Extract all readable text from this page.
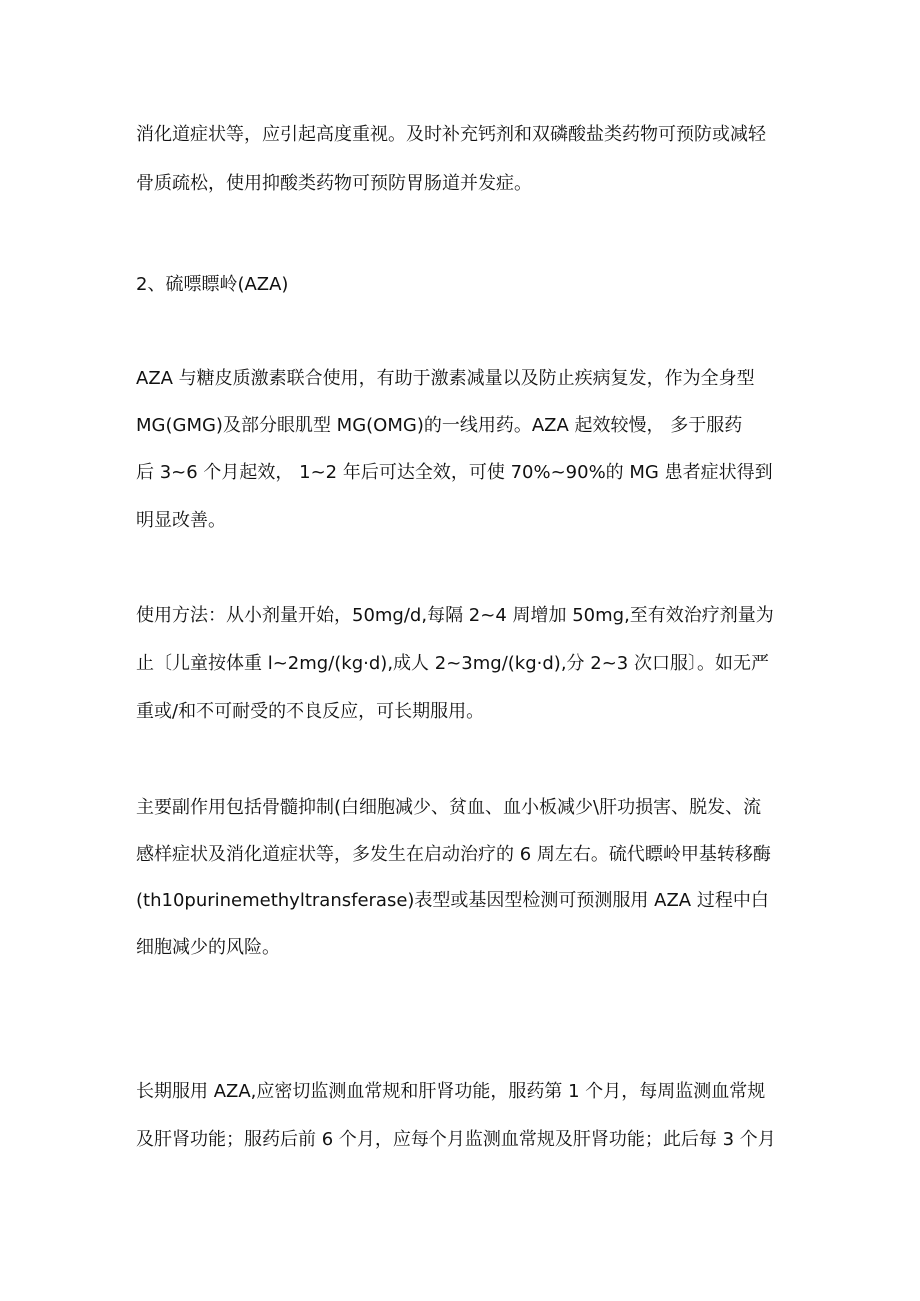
消化道症状等，应引起高度重视。及时补充钙剂和双磷酸盐类药物可预防或减轻
骨质疏松，使用抑酸类药物可预防胃肠道并发症。
2、硫嘌瞟岭(AZA)
AZA 与糖皮质激素联合使用，有助于激素减量以及防止疾病复发，作为全身型
MG(GMG)及部分眼肌型 MG(OMG)的一线用药。AZA 起效较慢， 多于服药
后 3~6 个月起效， 1~2 年后可达全效，可使 70%~90%的 MG 患者症状得到
明显改善。
使用方法：从小剂量开始，50mg∕d,每隔 2~4 周增加 50mg,至有效治疗剂量为
止〔儿童按体重 l~2mg∕(kg·d),成人 2~3mg∕(kg·d),分 2~3 次口服〕。如无严
重或/和不可耐受的不良反应，可长期服用。
主要副作用包括骨髓抑制(白细胞减少、贫血、血小板减少\肝功损害、脱发、流
感样症状及消化道症状等，多发生在启动治疗的 6 周左右。硫代瞟岭甲基转移酶
(th10purinemethyltransferase)表型或基因型检测可预测服用 AZA 过程中白
细胞减少的风险。
长期服用 AZA,应密切监测血常规和肝肾功能，服药第 1 个月，每周监测血常规
及肝肾功能；服药后前 6 个月，应每个月监测血常规及肝肾功能；此后每 3 个月
